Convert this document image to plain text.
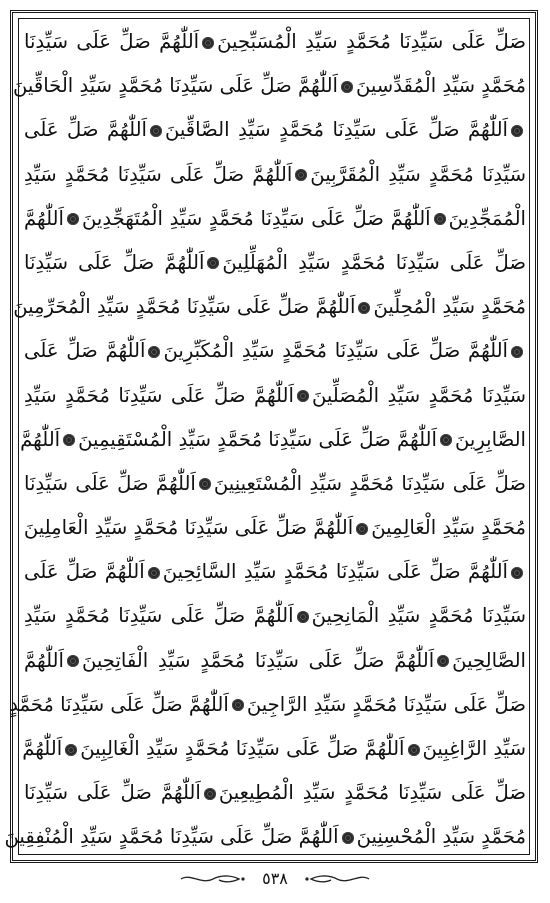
صَلِّ عَلَى سَيِّدِنَا مُحَمَّدٍ سَيِّدِ الْمُسَبِّحِينَاَللّٰهُمَّ صَلِّ عَلَى سَيِّدِنَا
مُحَمَّدٍ سَيِّدِ الْمُقَدِّسِينَاَللّٰهُمَّ صَلِّ عَلَى سَيِّدِنَا مُحَمَّدٍ سَيِّدِ الْحَاقِّينَ
اَللّٰهُمَّ صَلِّ عَلَى سَيِّدِنَا مُحَمَّدٍ سَيِّدِ الصَّاقِّينَاَللّٰهُمَّ صَلِّ عَلَى
سَيِّدِنَا مُحَمَّدٍ سَيِّدِ الْمُقَرَّبِينَاَللّٰهُمَّ صَلِّ عَلَى سَيِّدِنَا مُحَمَّدٍ سَيِّدِ
الْمُمَجِّدِينَاَللّٰهُمَّ صَلِّ عَلَى سَيِّدِنَا مُحَمَّدٍ سَيِّدِ الْمُتَهَجِّدِينَاَللّٰهُمَّ
صَلِّ عَلَى سَيِّدِنَا مُحَمَّدٍ سَيِّدِ الْمُهَلِّلِينَاَللّٰهُمَّ صَلِّ عَلَى سَيِّدِنَا
مُحَمَّدٍ سَيِّدِ الْمُحِلِّينَاَللّٰهُمَّ صَلِّ عَلَى سَيِّدِنَا مُحَمَّدٍ سَيِّدِ الْمُحَرِّمِينَ
اَللّٰهُمَّ صَلِّ عَلَى سَيِّدِنَا مُحَمَّدٍ سَيِّدِ الْمُكَبِّرِينَاَللّٰهُمَّ صَلِّ عَلَى
سَيِّدِنَا مُحَمَّدٍ سَيِّدِ الْمُصَلِّينَاَللّٰهُمَّ صَلِّ عَلَى سَيِّدِنَا مُحَمَّدٍ سَيِّدِ
الصَّابِرِينَاَللّٰهُمَّ صَلِّ عَلَى سَيِّدِنَا مُحَمَّدٍ سَيِّدِ الْمُسْتَقِيمِينَاَللّٰهُمَّ
صَلِّ عَلَى سَيِّدِنَا مُحَمَّدٍ سَيِّدِ الْمُسْتَعِينِينَاَللّٰهُمَّ صَلِّ عَلَى سَيِّدِنَا
مُحَمَّدٍ سَيِّدِ الْعَالِمِينَاَللّٰهُمَّ صَلِّ عَلَى سَيِّدِنَا مُحَمَّدٍ سَيِّدِ الْعَامِلِينَ
اَللّٰهُمَّ صَلِّ عَلَى سَيِّدِنَا مُحَمَّدٍ سَيِّدِ السَّائِحِينَاَللّٰهُمَّ صَلِّ عَلَى
سَيِّدِنَا مُحَمَّدٍ سَيِّدِ الْمَانِحِينَاَللّٰهُمَّ صَلِّ عَلَى سَيِّدِنَا مُحَمَّدٍ سَيِّدِ
الصَّالِحِينَاَللّٰهُمَّ صَلِّ عَلَى سَيِّدِنَا مُحَمَّدٍ سَيِّدِ الْفَاتِحِينَاَللّٰهُمَّ
صَلِّ عَلَى سَيِّدِنَا مُحَمَّدٍ سَيِّدِ الرَّاجِينَاَللّٰهُمَّ صَلِّ عَلَى سَيِّدِنَا مُحَمَّدٍ
سَيِّدِ الرَّاغِبِينَاَللّٰهُمَّ صَلِّ عَلَى سَيِّدِنَا مُحَمَّدٍ سَيِّدِ الْغَالِبِينَاَللّٰهُمَّ
صَلِّ عَلَى سَيِّدِنَا مُحَمَّدٍ سَيِّدِ الْمُطِيعِينَاَللّٰهُمَّ صَلِّ عَلَى سَيِّدِنَا
مُحَمَّدٍ سَيِّدِ الْمُحْسِنِينَاَللّٰهُمَّ صَلِّ عَلَى سَيِّدِنَا مُحَمَّدٍ سَيِّدِ الْمُنْفِقِينَ
٥٣٨
